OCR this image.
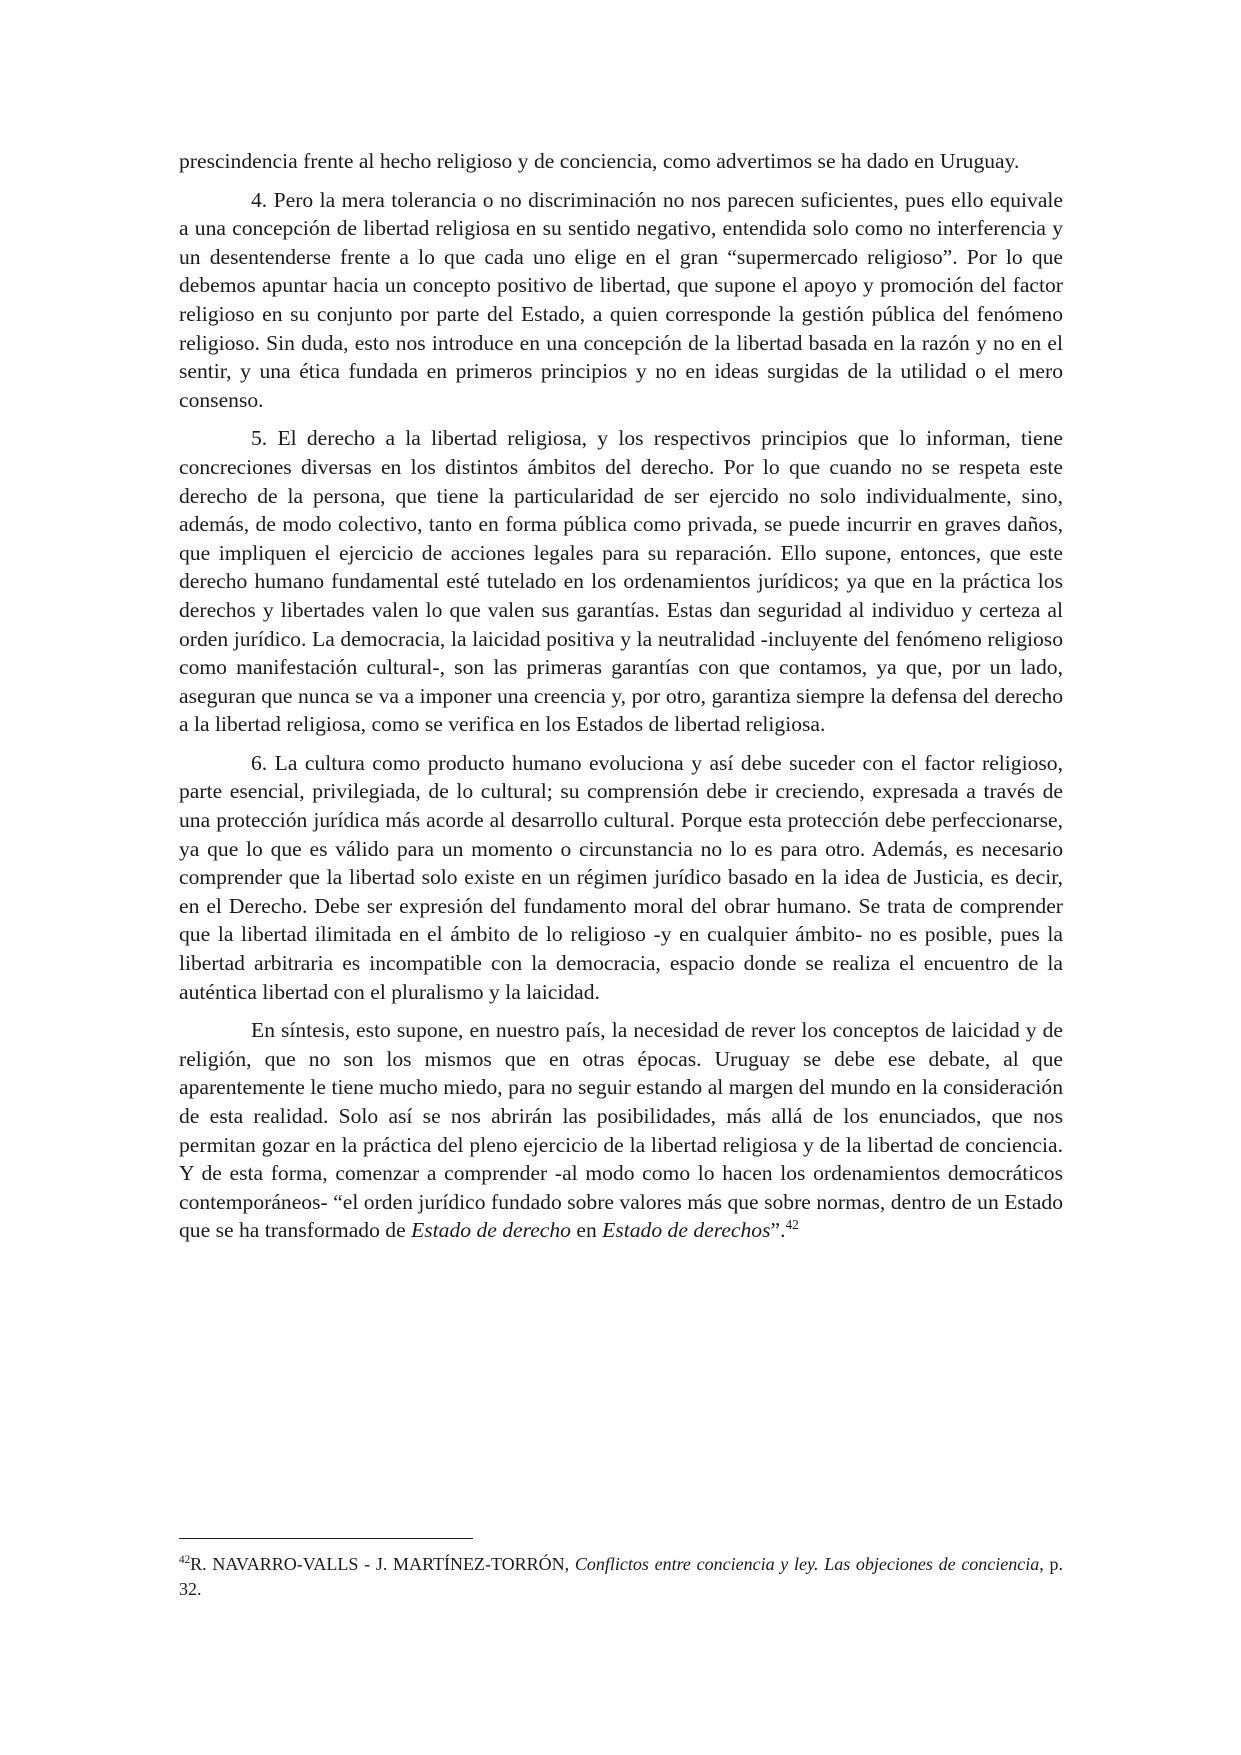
prescindencia frente al hecho religioso y de conciencia, como advertimos se ha dado en Uruguay.

4. Pero la mera tolerancia o no discriminación no nos parecen suficientes, pues ello equivale a una concepción de libertad religiosa en su sentido negativo, entendida solo como no interferencia y un desentenderse frente a lo que cada uno elige en el gran “supermercado religioso”. Por lo que debemos apuntar hacia un concepto positivo de libertad, que supone el apoyo y promoción del factor religioso en su conjunto por parte del Estado, a quien corresponde la gestión pública del fenómeno religioso. Sin duda, esto nos introduce en una concepción de la libertad basada en la razón y no en el sentir, y una ética fundada en primeros principios y no en ideas surgidas de la utilidad o el mero consenso.

5. El derecho a la libertad religiosa, y los respectivos principios que lo informan, tiene concreciones diversas en los distintos ámbitos del derecho. Por lo que cuando no se respeta este derecho de la persona, que tiene la particularidad de ser ejercido no solo individualmente, sino, además, de modo colectivo, tanto en forma pública como privada, se puede incurrir en graves daños, que impliquen el ejercicio de acciones legales para su reparación. Ello supone, entonces, que este derecho humano fundamental esté tutelado en los ordenamientos jurídicos; ya que en la práctica los derechos y libertades valen lo que valen sus garantías. Estas dan seguridad al individuo y certeza al orden jurídico. La democracia, la laicidad positiva y la neutralidad -incluyente del fenómeno religioso como manifestación cultural-, son las primeras garantías con que contamos, ya que, por un lado, aseguran que nunca se va a imponer una creencia y, por otro, garantiza siempre la defensa del derecho a la libertad religiosa, como se verifica en los Estados de libertad religiosa.

6. La cultura como producto humano evoluciona y así debe suceder con el factor religioso, parte esencial, privilegiada, de lo cultural; su comprensión debe ir creciendo, expresada a través de una protección jurídica más acorde al desarrollo cultural. Porque esta protección debe perfeccionarse, ya que lo que es válido para un momento o circunstancia no lo es para otro. Además, es necesario comprender que la libertad solo existe en un régimen jurídico basado en la idea de Justicia, es decir, en el Derecho. Debe ser expresión del fundamento moral del obrar humano. Se trata de comprender que la libertad ilimitada en el ámbito de lo religioso -y en cualquier ámbito- no es posible, pues la libertad arbitraria es incompatible con la democracia, espacio donde se realiza el encuentro de la auténtica libertad con el pluralismo y la laicidad.

En síntesis, esto supone, en nuestro país, la necesidad de rever los conceptos de laicidad y de religión, que no son los mismos que en otras épocas. Uruguay se debe ese debate, al que aparentemente le tiene mucho miedo, para no seguir estando al margen del mundo en la consideración de esta realidad. Solo así se nos abrirán las posibilidades, más allá de los enunciados, que nos permitan gozar en la práctica del pleno ejercicio de la libertad religiosa y de la libertad de conciencia. Y de esta forma, comenzar a comprender -al modo como lo hacen los ordenamientos democráticos contemporáneos- “el orden jurídico fundado sobre valores más que sobre normas, dentro de un Estado que se ha transformado de Estado de derecho en Estado de derechos”.$^{42}$

$^{42}$R. NAVARRO-VALLS - J. MARTÍNEZ-TORRÓN, Conflictos entre conciencia y ley. Las objeciones de conciencia, p. 32.
